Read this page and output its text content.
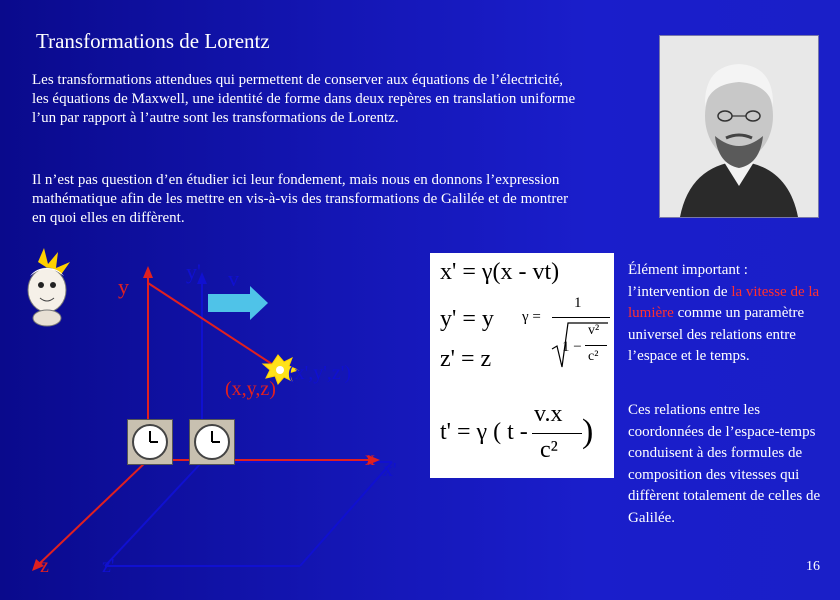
Transformations de Lorentz
Les transformations attendues qui permettent de conserver aux équations de l’électricité, les équations de Maxwell, une identité de forme dans deux repères en translation uniforme l’un par rapport à l’autre sont les transformations de Lorentz.
Il n’est pas question d’en étudier ici leur fondement, mais nous en donnons l’expression mathématique afin de les mettre en vis-à-vis des transformations de Galilée et de montrer en quoi elles en diffèrent.
y
y' v
(x',y',z')
(x,y,z)
x x'
z	z'
x' = γ(x - vt)
y' = y
z' = z
t' = γ ( t -
v.x
c² )
γ =
1
1 −
v²
c²
Élément important : l’intervention de la vitesse de la lumière comme un paramètre universel des relations entre l’espace et le temps.
Ces relations entre les coordonnées de l’espace-temps conduisent à des formules de composition des vitesses qui diffèrent totalement de celles de Galilée.
16
